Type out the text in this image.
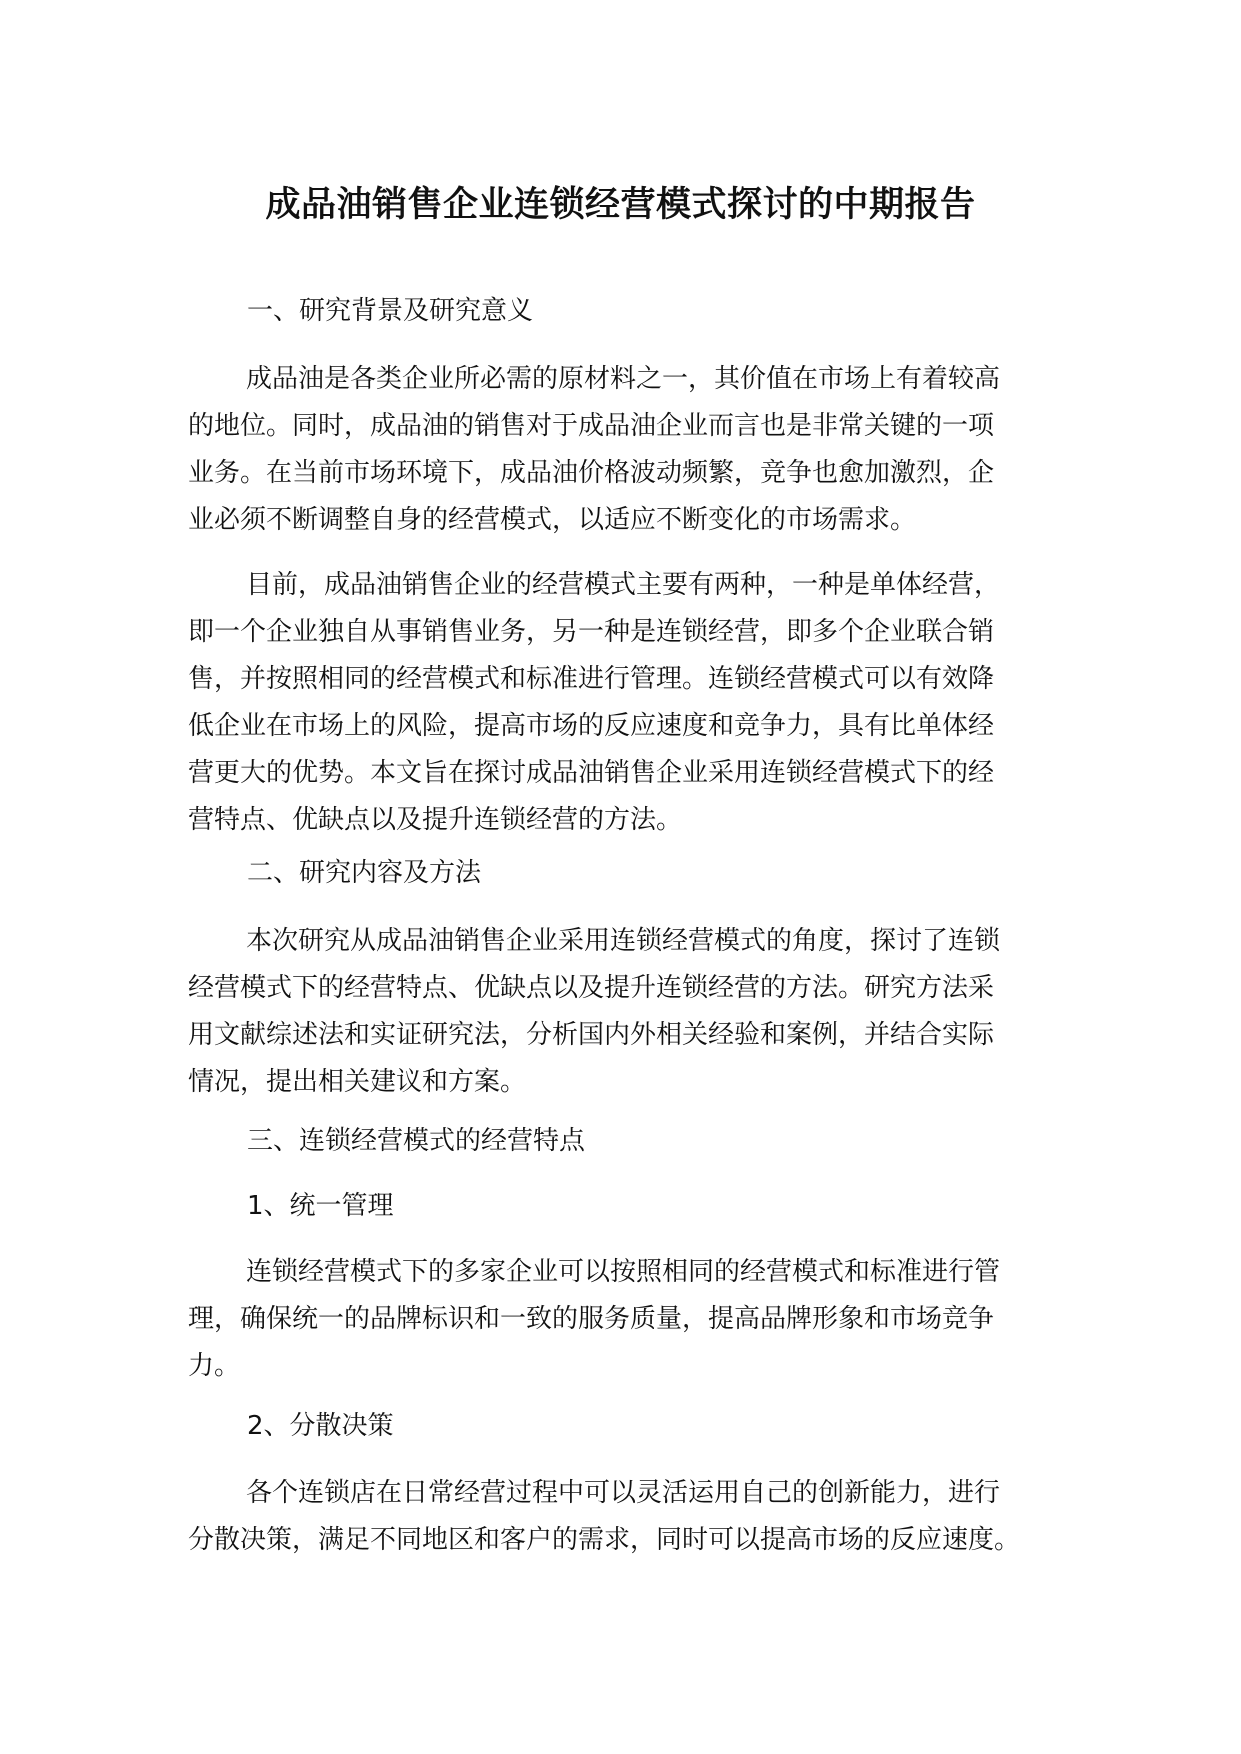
成品油销售企业连锁经营模式探讨的中期报告
一、研究背景及研究意义
成品油是各类企业所必需的原材料之一，其价值在市场上有着较高
的地位。同时，成品油的销售对于成品油企业而言也是非常关键的一项
业务。在当前市场环境下，成品油价格波动频繁，竞争也愈加激烈，企
业必须不断调整自身的经营模式，以适应不断变化的市场需求。
目前，成品油销售企业的经营模式主要有两种，一种是单体经营，
即一个企业独自从事销售业务，另一种是连锁经营，即多个企业联合销
售，并按照相同的经营模式和标准进行管理。连锁经营模式可以有效降
低企业在市场上的风险，提高市场的反应速度和竞争力，具有比单体经
营更大的优势。本文旨在探讨成品油销售企业采用连锁经营模式下的经
营特点、优缺点以及提升连锁经营的方法。
二、研究内容及方法
本次研究从成品油销售企业采用连锁经营模式的角度，探讨了连锁
经营模式下的经营特点、优缺点以及提升连锁经营的方法。研究方法采
用文献综述法和实证研究法，分析国内外相关经验和案例，并结合实际
情况，提出相关建议和方案。
三、连锁经营模式的经营特点
1、统一管理
连锁经营模式下的多家企业可以按照相同的经营模式和标准进行管
理，确保统一的品牌标识和一致的服务质量，提高品牌形象和市场竞争
力。
2、分散决策
各个连锁店在日常经营过程中可以灵活运用自己的创新能力，进行
分散决策，满足不同地区和客户的需求，同时可以提高市场的反应速度。
